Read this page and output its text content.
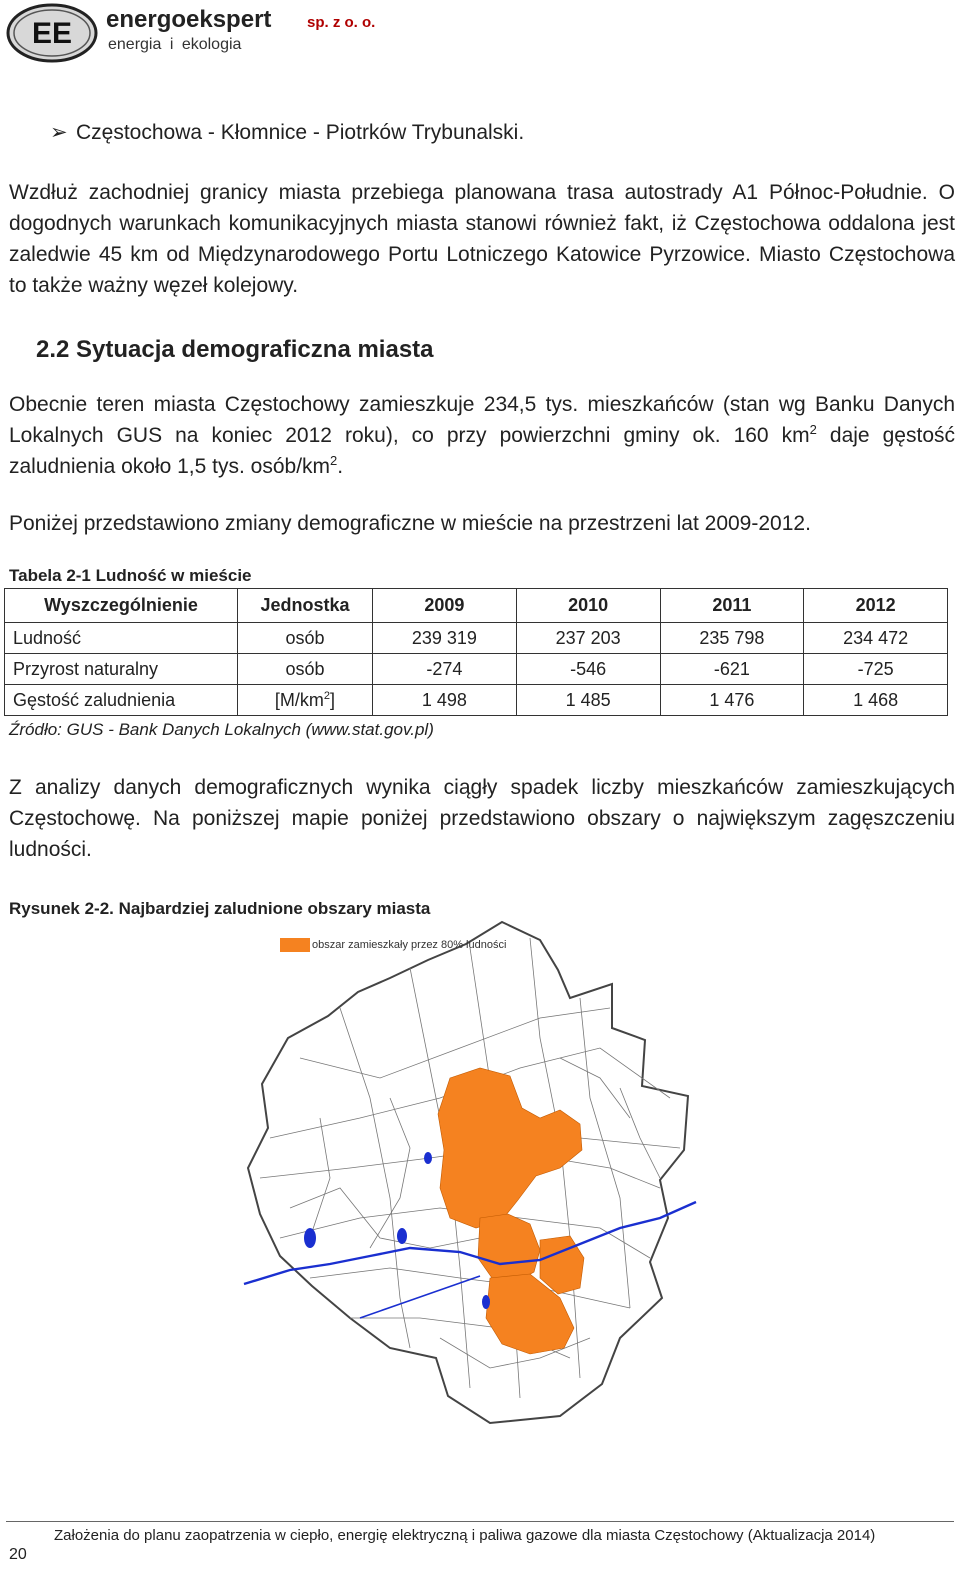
EE energoekspert sp. z o. o.
energia i ekologia
➢ Częstochowa - Kłomnice - Piotrków Trybunalski.

Wzdłuż zachodniej granicy miasta przebiega planowana trasa autostrady A1 Północ-Południe. O dogodnych warunkach komunikacyjnych miasta stanowi również fakt, iż Częstochowa oddalona jest zaledwie 45 km od Międzynarodowego Portu Lotniczego Katowice Pyrzowice. Miasto Częstochowa to także ważny węzeł kolejowy.

2.2 Sytuacja demograficzna miasta

Obecnie teren miasta Częstochowy zamieszkuje 234,5 tys. mieszkańców (stan wg Banku Danych Lokalnych GUS na koniec 2012 roku), co przy powierzchni gminy ok. 160 $km^2$ daje gęstość zaludnienia około 1,5 tys. osób/$km^2$.

Poniżej przedstawiono zmiany demograficzne w mieście na przestrzeni lat 2009-2012.

Tabela 2-1 Ludność w mieście
Wyszczególnienie	Jednostka	2009	2010	2011	2012
Ludność	osób	239 319	237 203	235 798	234 472
Przyrost naturalny	osób	-274	-546	-621	-725
Gęstość zaludnienia	$[M/km^2]$	1 498	1 485	1 476	1 468
Źródło: GUS - Bank Danych Lokalnych (www.stat.gov.pl)

Z analizy danych demograficznych wynika ciągły spadek liczby mieszkańców zamieszkujących Częstochowę. Na poniższej mapie poniżej przedstawiono obszary o największym zagęszczeniu ludności.

Rysunek 2-2. Najbardziej zaludnione obszary miasta
obszar zamieszkały przez 80% ludności
Założenia do planu zaopatrzenia w ciepło, energię elektryczną i paliwa gazowe dla miasta Częstochowy (Aktualizacja 2014)
20
